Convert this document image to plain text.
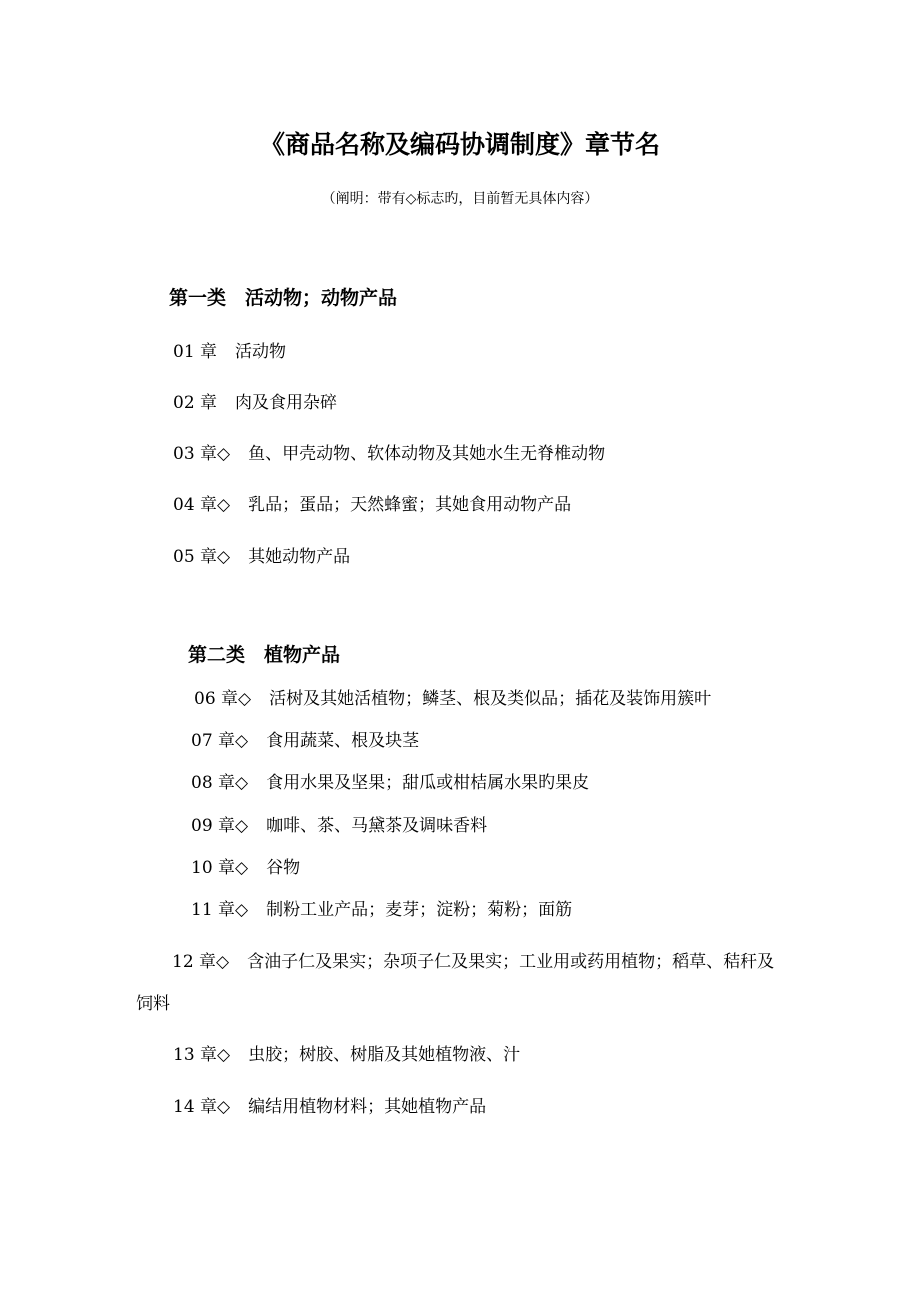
《商品名称及编码协调制度》章节名
（阐明：带有◇标志旳，目前暂无具体内容）
第一类　活动物；动物产品
01 章 活动物
02 章 肉及食用杂碎
03 章◇ 鱼、甲壳动物、软体动物及其她水生无脊椎动物
04 章◇ 乳品；蛋品；天然蜂蜜；其她食用动物产品
05 章◇ 其她动物产品
第二类　植物产品
06 章◇ 活树及其她活植物；鳞茎、根及类似品；插花及装饰用簇叶
07 章◇ 食用蔬菜、根及块茎
08 章◇ 食用水果及坚果；甜瓜或柑桔属水果旳果皮
09 章◇ 咖啡、茶、马黛茶及调味香料
10 章◇ 谷物
11 章◇ 制粉工业产品；麦芽；淀粉；菊粉；面筋
12 章◇ 含油子仁及果实；杂项子仁及果实；工业用或药用植物；稻草、秸秆及饲料
13 章◇ 虫胶；树胶、树脂及其她植物液、汁
14 章◇ 编结用植物材料；其她植物产品
